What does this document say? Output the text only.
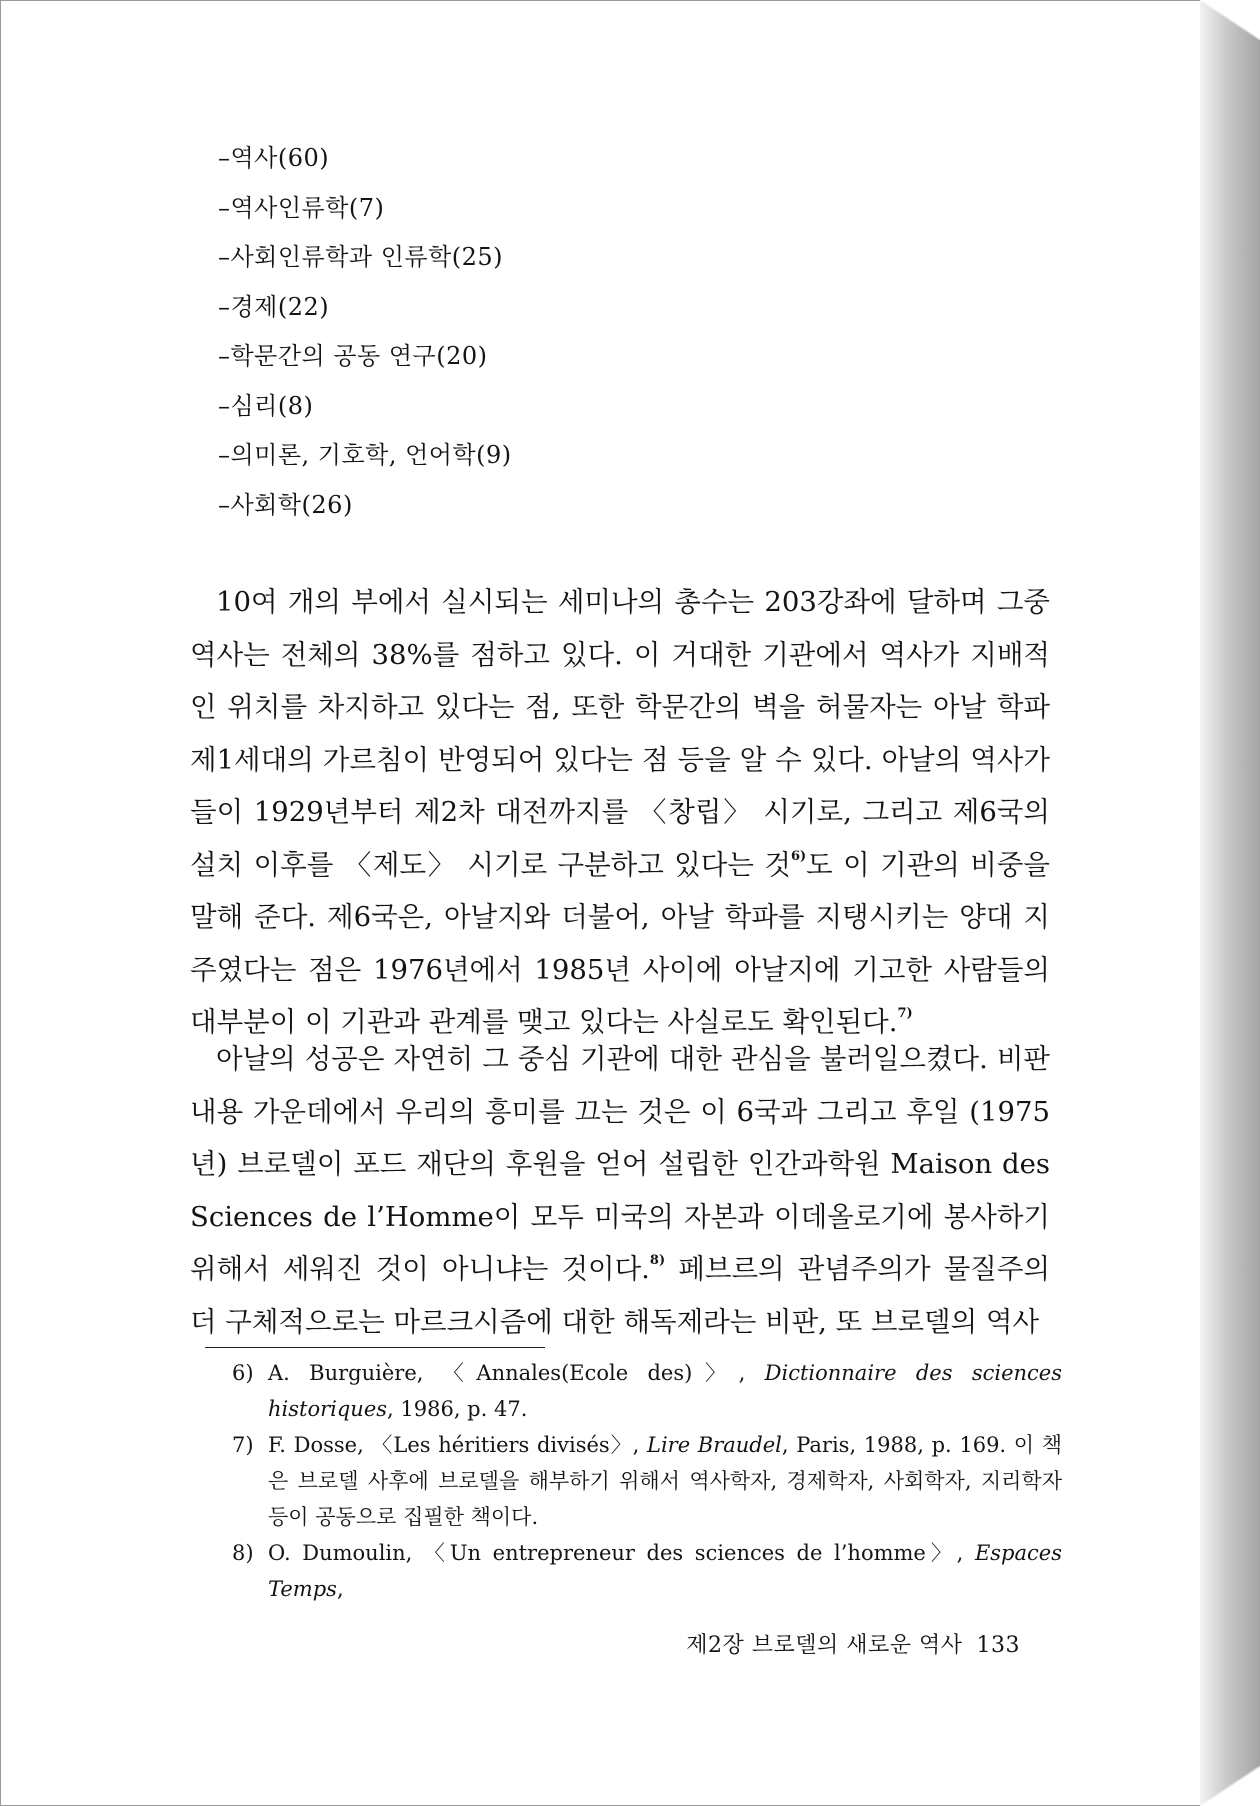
–역사(60)
–역사인류학(7)
–사회인류학과 인류학(25)
–경제(22)
–학문간의 공동 연구(20)
–심리(8)
–의미론, 기호학, 언어학(9)
–사회학(26)

10여 개의 부에서 실시되는 세미나의 총수는 203강좌에 달하며 그중 역사는 전체의 38%를 점하고 있다. 이 거대한 기관에서 역사가 지배적인 위치를 차지하고 있다는 점, 또한 학문간의 벽을 허물자는 아날 학파 제1세대의 가르침이 반영되어 있다는 점 등을 알 수 있다. 아날의 역사가들이 1929년부터 제2차 대전까지를 〈창립〉 시기로, 그리고 제6국의 설치 이후를 〈제도〉 시기로 구분하고 있다는 것$^{6)}$도 이 기관의 비중을 말해 준다. 제6국은, 아날지와 더불어, 아날 학파를 지탱시키는 양대 지주였다는 점은 1976년에서 1985년 사이에 아날지에 기고한 사람들의 대부분이 이 기관과 관계를 맺고 있다는 사실로도 확인된다.$^{7)}$

아날의 성공은 자연히 그 중심 기관에 대한 관심을 불러일으켰다. 비판 내용 가운데에서 우리의 흥미를 끄는 것은 이 6국과 그리고 후일 (1975년) 브로델이 포드 재단의 후원을 얻어 설립한 인간과학원 Maison des Sciences de l’Homme이 모두 미국의 자본과 이데올로기에 봉사하기 위해서 세워진 것이 아니냐는 것이다.$^{8)}$ 페브르의 관념주의가 물질주의 더 구체적으로는 마르크시즘에 대한 해독제라는 비판, 또 브로델의 역사

6) A. Burguière, 〈Annales(Ecole des)〉, Dictionnaire des sciences historiques, 1986, p. 47.
7) F. Dosse, 〈Les héritiers divisés〉, Lire Braudel, Paris, 1988, p. 169. 이 책은 브로델 사후에 브로델을 해부하기 위해서 역사학자, 경제학자, 사회학자, 지리학자 등이 공동으로 집필한 책이다.
8) O. Dumoulin, 〈Un entrepreneur des sciences de l’homme〉, Espaces Temps,
제2장 브로델의 새로운 역사 133
